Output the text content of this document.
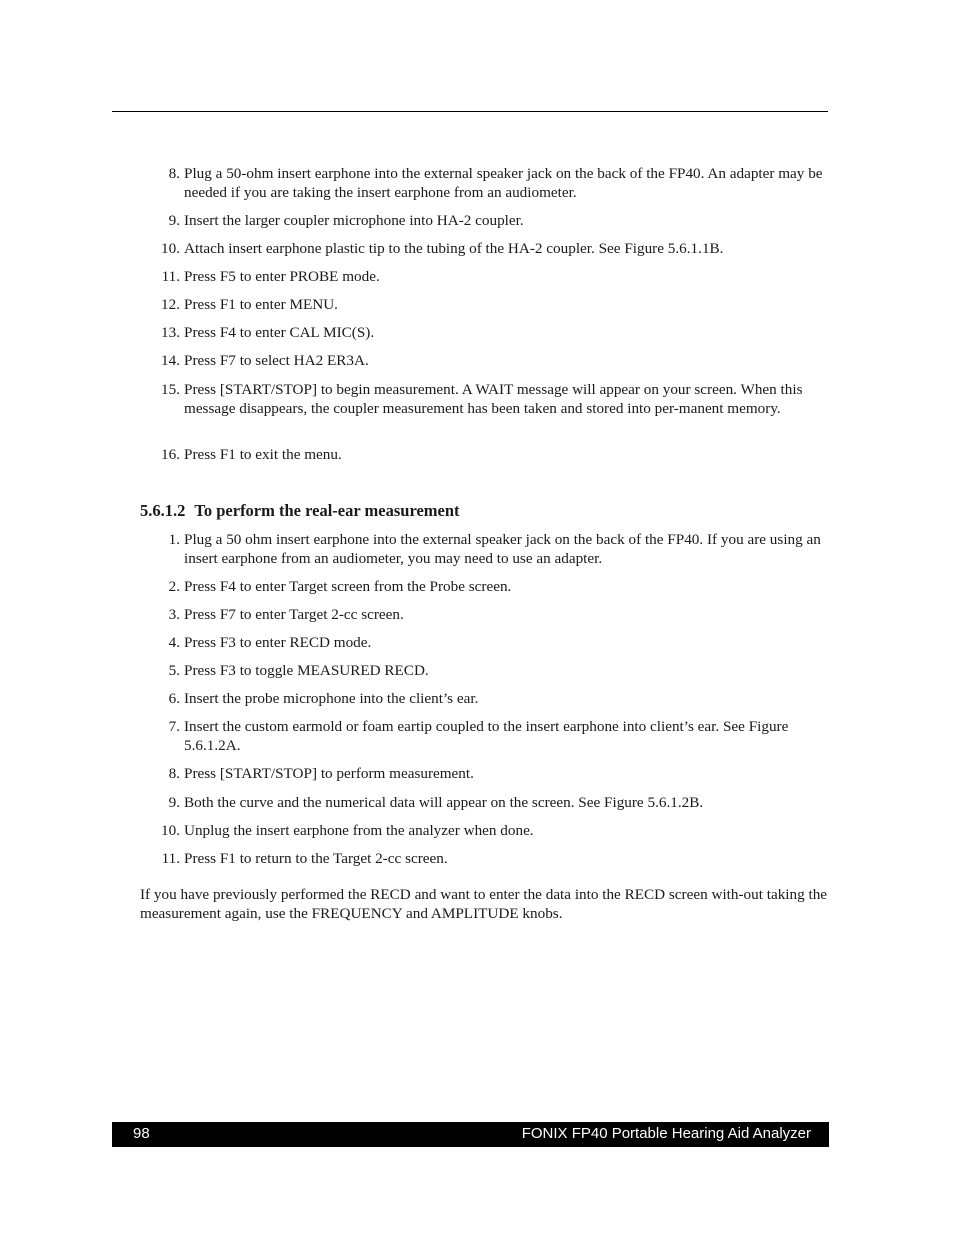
8. Plug a 50-ohm insert earphone into the external speaker jack on the back of the FP40. An adapter may be needed if you are taking the insert earphone from an audiometer.
9. Insert the larger coupler microphone into HA-2 coupler.
10. Attach insert earphone plastic tip to the tubing of the HA-2 coupler. See Figure 5.6.1.1B.
11. Press F5 to enter PROBE mode.
12. Press F1 to enter MENU.
13. Press F4 to enter CAL MIC(S).
14. Press F7 to select HA2 ER3A.
15. Press [START/STOP] to begin measurement. A WAIT message will appear on your screen. When this message disappears, the coupler measurement has been taken and stored into per-manent memory.
16. Press F1 to exit the menu.
5.6.1.2 To perform the real-ear measurement
1. Plug a 50 ohm insert earphone into the external speaker jack on the back of the FP40. If you are using an insert earphone from an audiometer, you may need to use an adapter.
2. Press F4 to enter Target screen from the Probe screen.
3. Press F7 to enter Target 2-cc screen.
4. Press F3 to enter RECD mode.
5. Press F3 to toggle MEASURED RECD.
6. Insert the probe microphone into the client’s ear.
7. Insert the custom earmold or foam eartip coupled to the insert earphone into client’s ear. See Figure 5.6.1.2A.
8. Press [START/STOP] to perform measurement.
9. Both the curve and the numerical data will appear on the screen. See Figure 5.6.1.2B.
10. Unplug the insert earphone from the analyzer when done.
11. Press F1 to return to the Target 2-cc screen.

If you have previously performed the RECD and want to enter the data into the RECD screen with-out taking the measurement again, use the FREQUENCY and AMPLITUDE knobs.

98	FONIX FP40 Portable Hearing Aid Analyzer
